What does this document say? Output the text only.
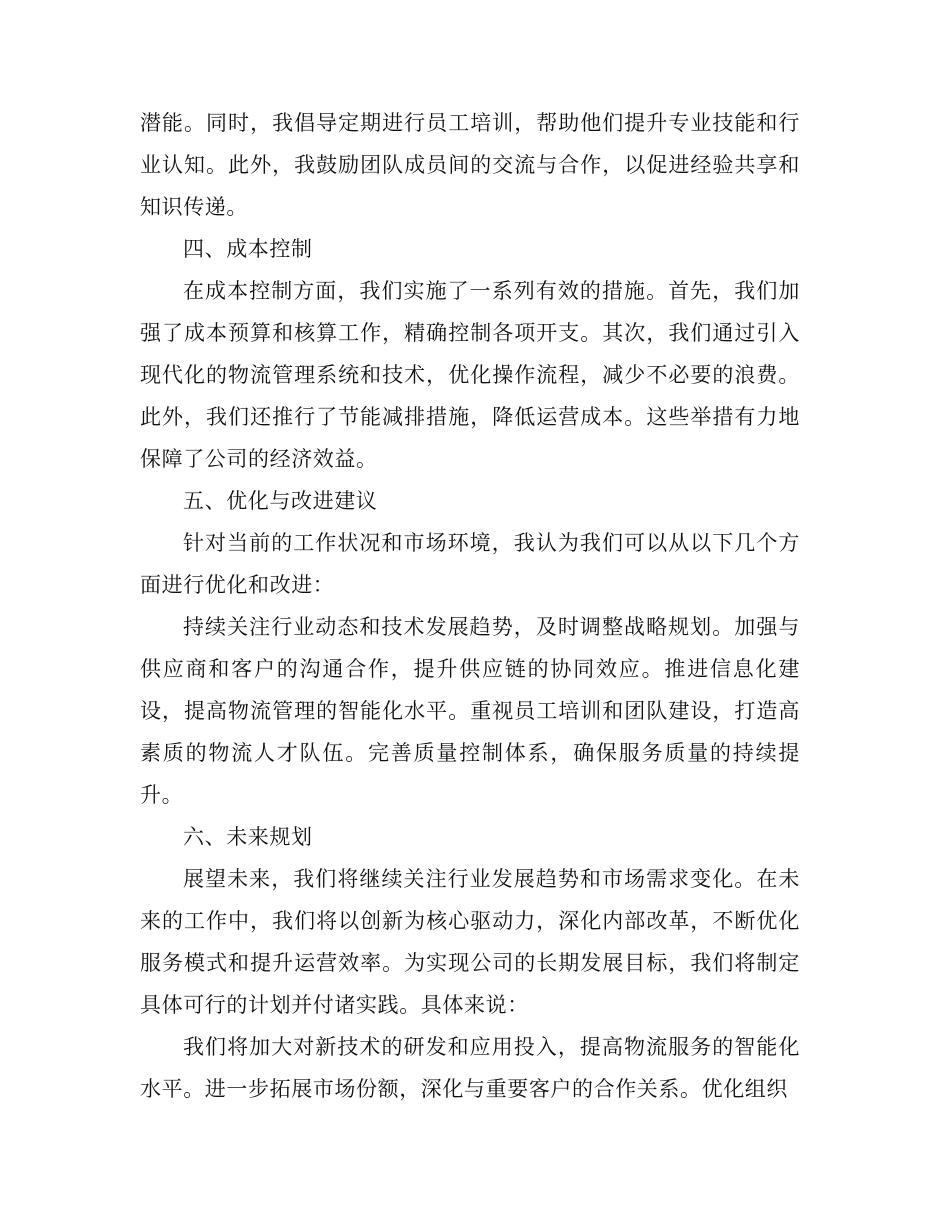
潜能。同时，我倡导定期进行员工培训，帮助他们提升专业技能和行业认知。此外，我鼓励团队成员间的交流与合作，以促进经验共享和知识传递。

四、成本控制

在成本控制方面，我们实施了一系列有效的措施。首先，我们加强了成本预算和核算工作，精确控制各项开支。其次，我们通过引入现代化的物流管理系统和技术，优化操作流程，减少不必要的浪费。此外，我们还推行了节能减排措施，降低运营成本。这些举措有力地保障了公司的经济效益。

五、优化与改进建议

针对当前的工作状况和市场环境，我认为我们可以从以下几个方面进行优化和改进：

持续关注行业动态和技术发展趋势，及时调整战略规划。加强与供应商和客户的沟通合作，提升供应链的协同效应。推进信息化建设，提高物流管理的智能化水平。重视员工培训和团队建设，打造高素质的物流人才队伍。完善质量控制体系，确保服务质量的持续提升。

六、未来规划

展望未来，我们将继续关注行业发展趋势和市场需求变化。在未来的工作中，我们将以创新为核心驱动力，深化内部改革，不断优化服务模式和提升运营效率。为实现公司的长期发展目标，我们将制定具体可行的计划并付诸实践。具体来说：

我们将加大对新技术的研发和应用投入，提高物流服务的智能化水平。进一步拓展市场份额，深化与重要客户的合作关系。优化组织
